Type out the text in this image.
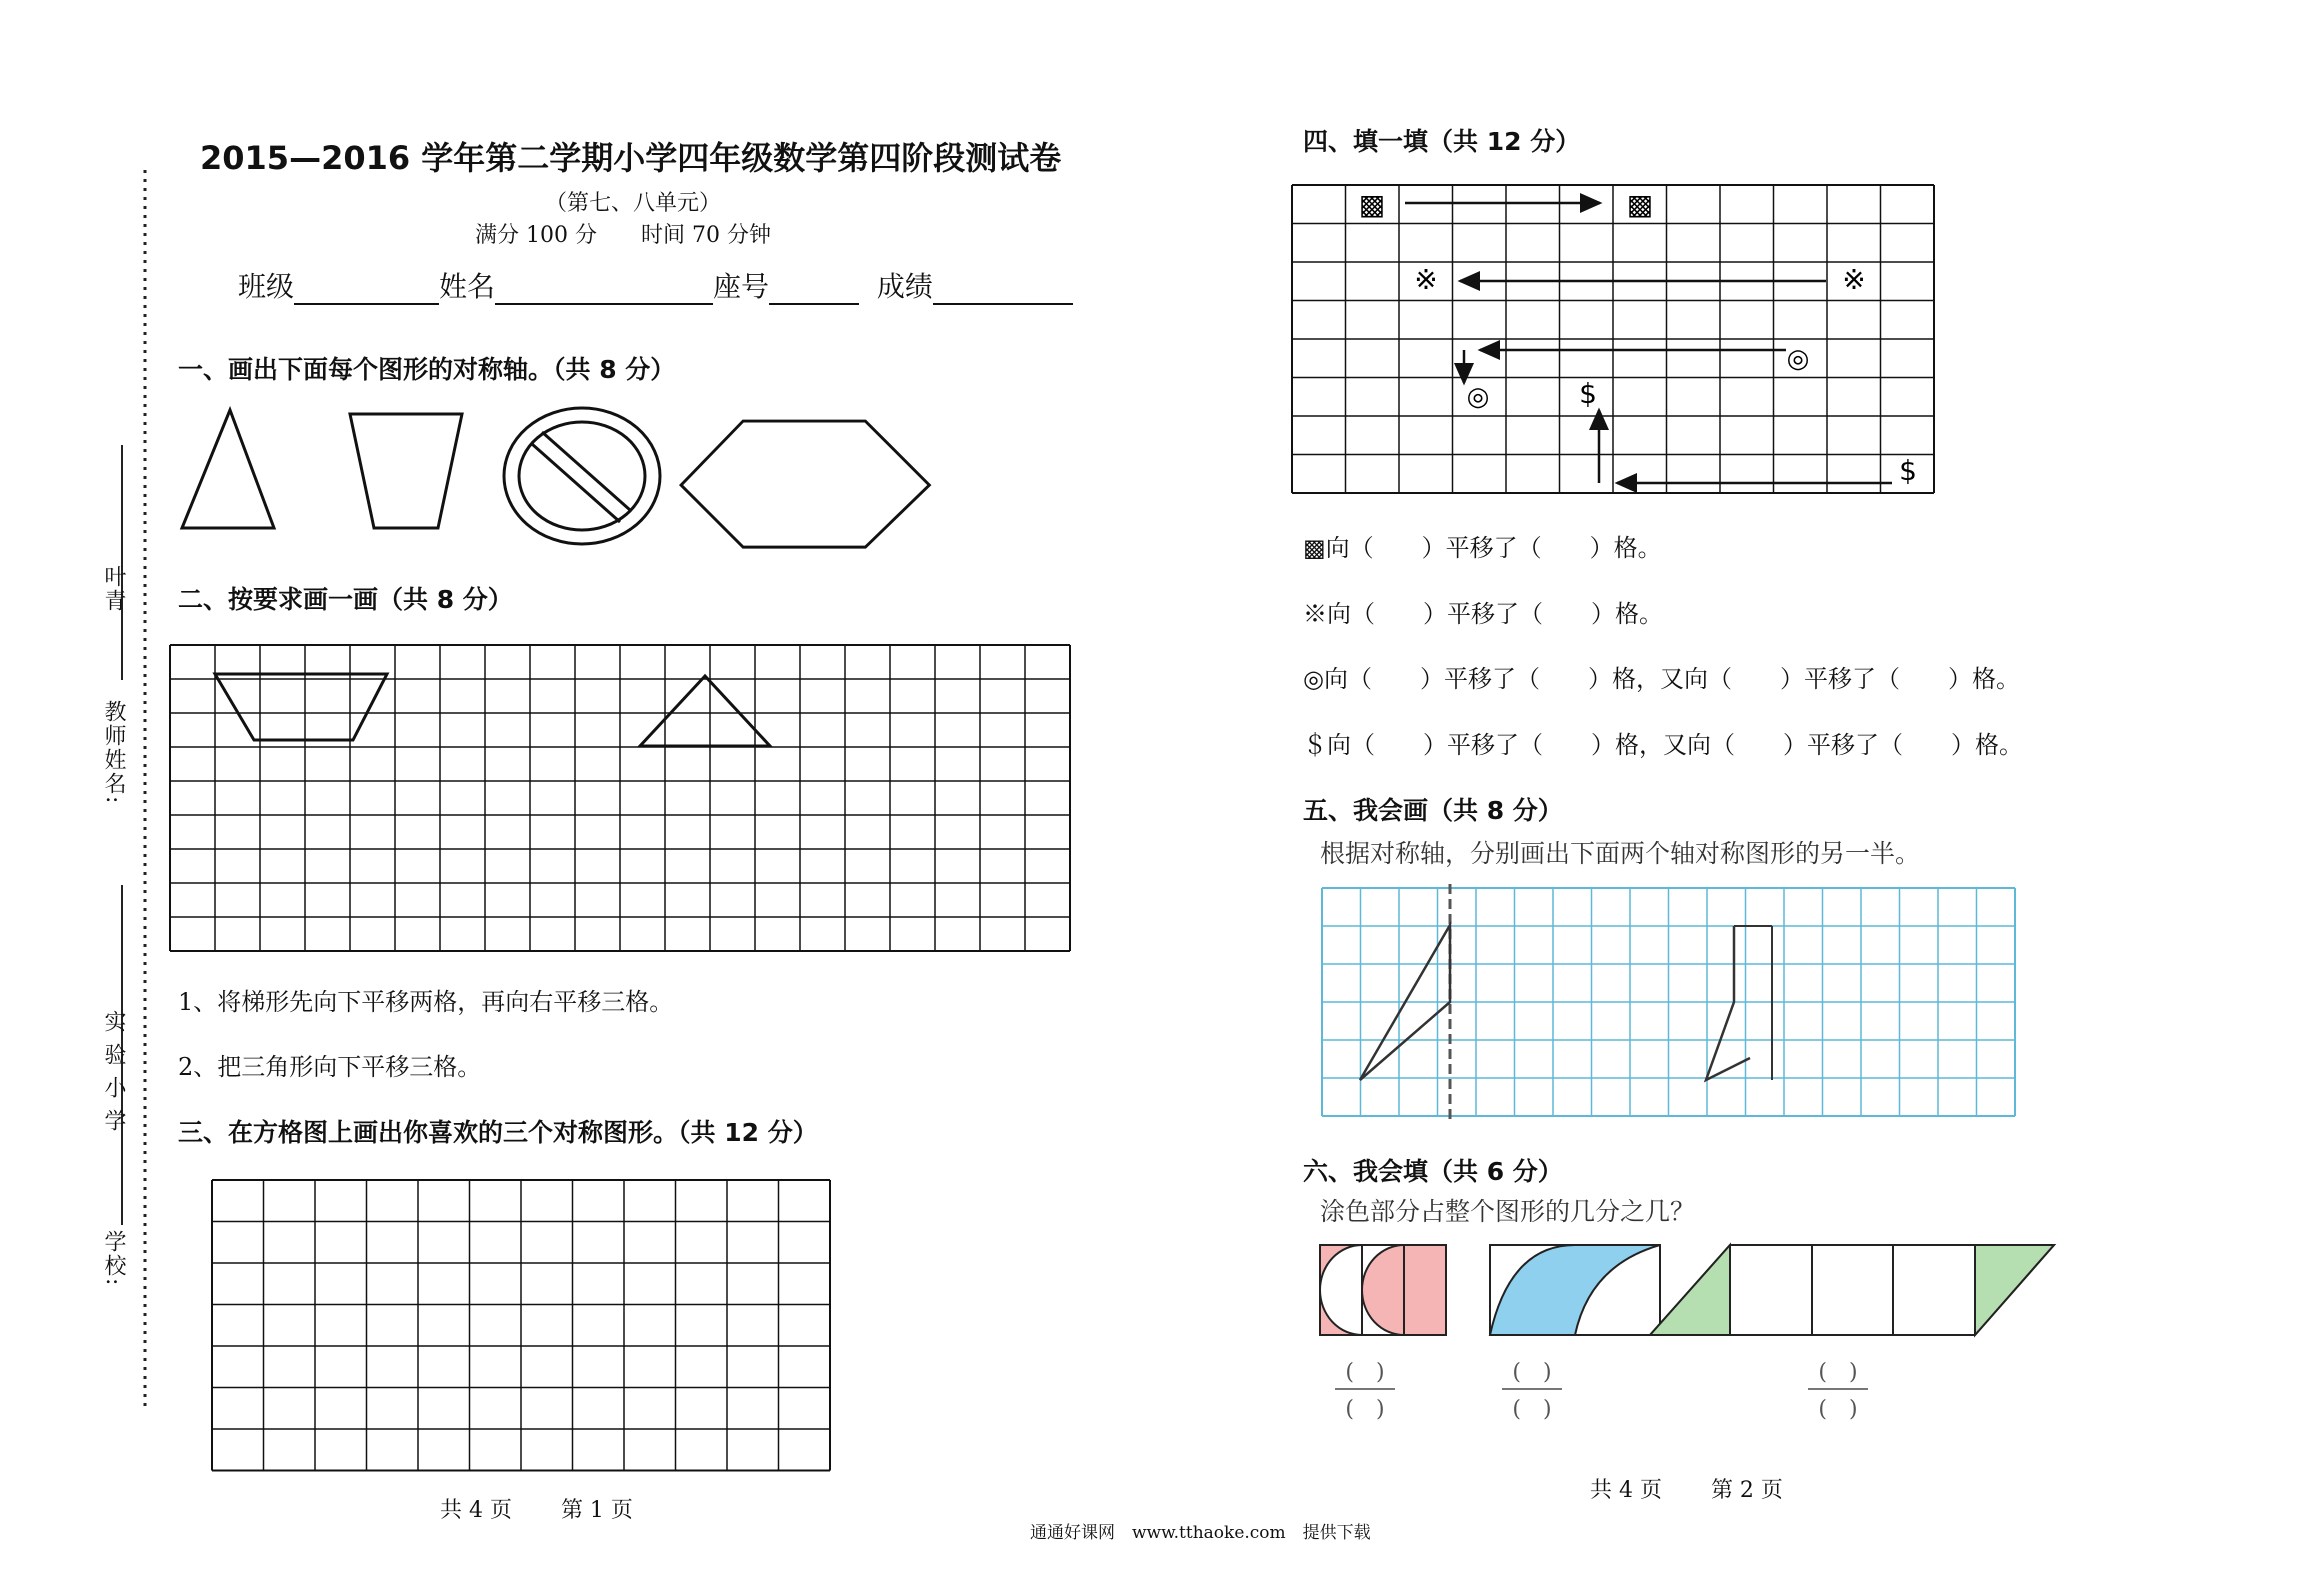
叶青
教师姓名:
实 验 小 学
学校:
2015—2016 学年第二学期小学四年级数学第四阶段测试卷
（第七、八单元）
满分 100 分　　时间 70 分钟
班级	姓名	座号	成绩
一、画出下面每个图形的对称轴。（共 8 分）
二、按要求画一画（共 8 分）
1、将梯形先向下平移两格，再向右平移三格。
2、把三角形向下平移三格。
三、在方格图上画出你喜欢的三个对称图形。（共 12 分）
共 4 页 第 1 页
四、填一填（共 12 分）
▩	▩
※	※
◎
◎	$
$
▩向（　　）平移了（　　）格。
※向（　　）平移了（　　）格。
◎向（　　）平移了（　　）格，又向（　　）平移了（　　）格。
＄向（　　）平移了（　　）格，又向（　　）平移了（　　）格。
五、我会画（共 8 分）
根据对称轴，分别画出下面两个轴对称图形的另一半。
六、我会填（共 6 分）
涂色部分占整个图形的几分之几？
(　)
(　)
(　)
(　)
(　)
(　)
共 4 页 第 2 页
通通好课网　www.tthaoke.com　提供下载
